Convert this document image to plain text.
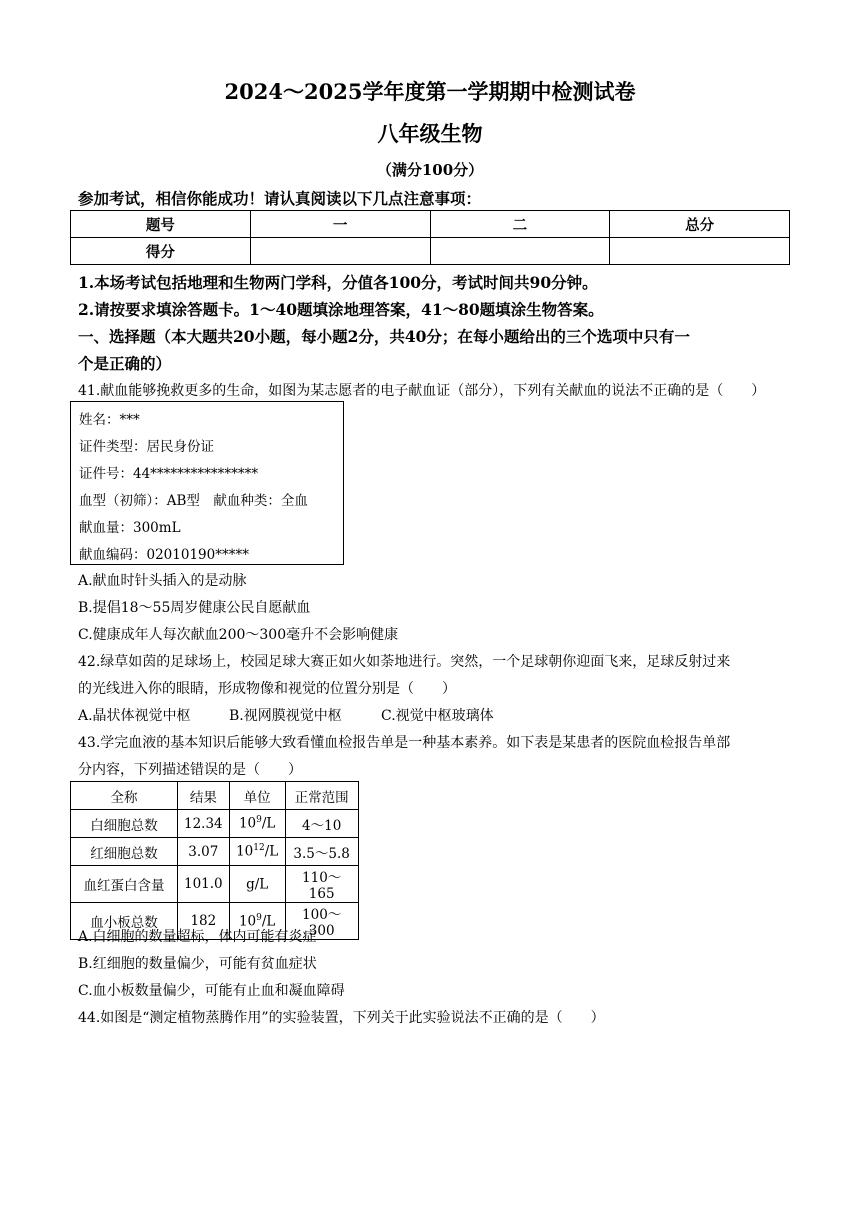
2024～2025学年度第一学期期中检测试卷
八年级生物
（满分100分）
参加考试，相信你能成功！请认真阅读以下几点注意事项：
题号	一	二	总分
得分			
1.本场考试包括地理和生物两门学科，分值各100分，考试时间共90分钟。
2.请按要求填涂答题卡。1～40题填涂地理答案，41～80题填涂生物答案。
一、选择题（本大题共20小题，每小题2分，共40分；在每小题给出的三个选项中只有一
个是正确的）
41.献血能够挽救更多的生命，如图为某志愿者的电子献血证（部分），下列有关献血的说法不正确的是（　　）
姓名：***
证件类型：居民身份证
证件号：44****************
血型（初筛）：AB型　献血种类：全血
献血量：300mL
献血编码：02010190*****
A.献血时针头插入的是动脉
B.提倡18～55周岁健康公民自愿献血
C.健康成年人每次献血200～300毫升不会影响健康
42.绿草如茵的足球场上，校园足球大赛正如火如荼地进行。突然，一个足球朝你迎面飞来，足球反射过来
的光线进入你的眼睛，形成物像和视觉的位置分别是（　　）
A.晶状体视觉中枢	B.视网膜视觉中枢	C.视觉中枢玻璃体
43.学完血液的基本知识后能够大致看懂血检报告单是一种基本素养。如下表是某患者的医院血检报告单部
分内容，下列描述错误的是（　　）
全称	结果	单位	正常范围
白细胞总数	12.34	$10^9/L$	4～10
红细胞总数	3.07	$10^{12}/L$	3.5～5.8
血红蛋白含量	101.0	g/L	110～165
血小板总数	182	$10^9/L$	100～300
A.白细胞的数量超标，体内可能有炎症
B.红细胞的数量偏少，可能有贫血症状
C.血小板数量偏少，可能有止血和凝血障碍
44.如图是“测定植物蒸腾作用”的实验装置，下列关于此实验说法不正确的是（　　）
